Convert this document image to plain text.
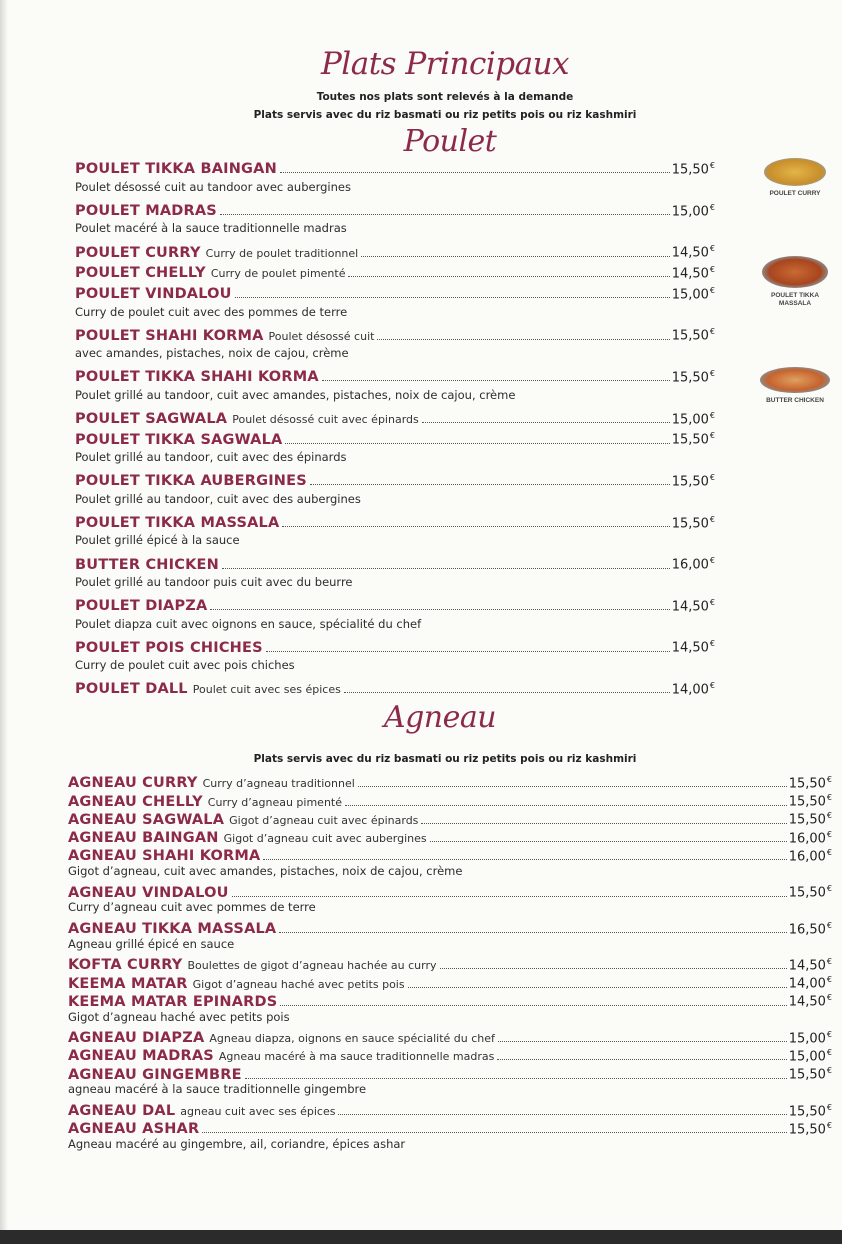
Plats Principaux
Toutes nos plats sont relevés à la demande
Plats servis avec du riz basmati ou riz petits pois ou riz kashmiri
Poulet
POULET TIKKA BAINGAN	15,50€
Poulet désossé cuit au tandoor avec aubergines
POULET MADRAS	15,00€
Poulet macéré à la sauce traditionnelle madras
POULET CURRY Curry de poulet traditionnel	14,50€
POULET CHELLY Curry de poulet pimenté	14,50€
POULET VINDALOU	15,00€
Curry de poulet cuit avec des pommes de terre
POULET SHAHI KORMA Poulet désossé cuit	15,50€
avec amandes, pistaches, noix de cajou, crème
POULET TIKKA SHAHI KORMA	15,50€
Poulet grillé au tandoor, cuit avec amandes, pistaches, noix de cajou, crème
POULET SAGWALA Poulet désossé cuit avec épinards	15,00€
POULET TIKKA SAGWALA	15,50€
Poulet grillé au tandoor, cuit avec des épinards
POULET TIKKA AUBERGINES	15,50€
Poulet grillé au tandoor, cuit avec des aubergines
POULET TIKKA MASSALA	15,50€
Poulet grillé épicé à la sauce
BUTTER CHICKEN	16,00€
Poulet grillé au tandoor puis cuit avec du beurre
POULET DIAPZA	14,50€
Poulet diapza cuit avec oignons en sauce, spécialité du chef
POULET POIS CHICHES	14,50€
Curry de poulet cuit avec pois chiches
POULET DALL Poulet cuit avec ses épices	14,00€
Agneau
Plats servis avec du riz basmati ou riz petits pois ou riz kashmiri
AGNEAU CURRY Curry d’agneau traditionnel	15,50€
AGNEAU CHELLY Curry d’agneau pimenté	15,50€
AGNEAU SAGWALA Gigot d’agneau cuit avec épinards	15,50€
AGNEAU BAINGAN Gigot d’agneau cuit avec aubergines	16,00€
AGNEAU SHAHI KORMA	16,00€
Gigot d’agneau, cuit avec amandes, pistaches, noix de cajou, crème
AGNEAU VINDALOU	15,50€
Curry d’agneau cuit avec pommes de terre
AGNEAU TIKKA MASSALA	16,50€
Agneau grillé épicé en sauce
KOFTA CURRY Boulettes de gigot d’agneau hachée au curry	14,50€
KEEMA MATAR Gigot d’agneau haché avec petits pois	14,00€
KEEMA MATAR EPINARDS	14,50€
Gigot d’agneau haché avec petits pois
AGNEAU DIAPZA Agneau diapza, oignons en sauce spécialité du chef	15,00€
AGNEAU MADRAS Agneau macéré à ma sauce traditionnelle madras	15,00€
AGNEAU GINGEMBRE	15,50€
agneau macéré à la sauce traditionnelle gingembre
AGNEAU DAL agneau cuit avec ses épices	15,50€
AGNEAU ASHAR	15,50€
Agneau macéré au gingembre, ail, coriandre, épices ashar
POULET CURRY
POULET TIKKA MASSALA
BUTTER CHICKEN
